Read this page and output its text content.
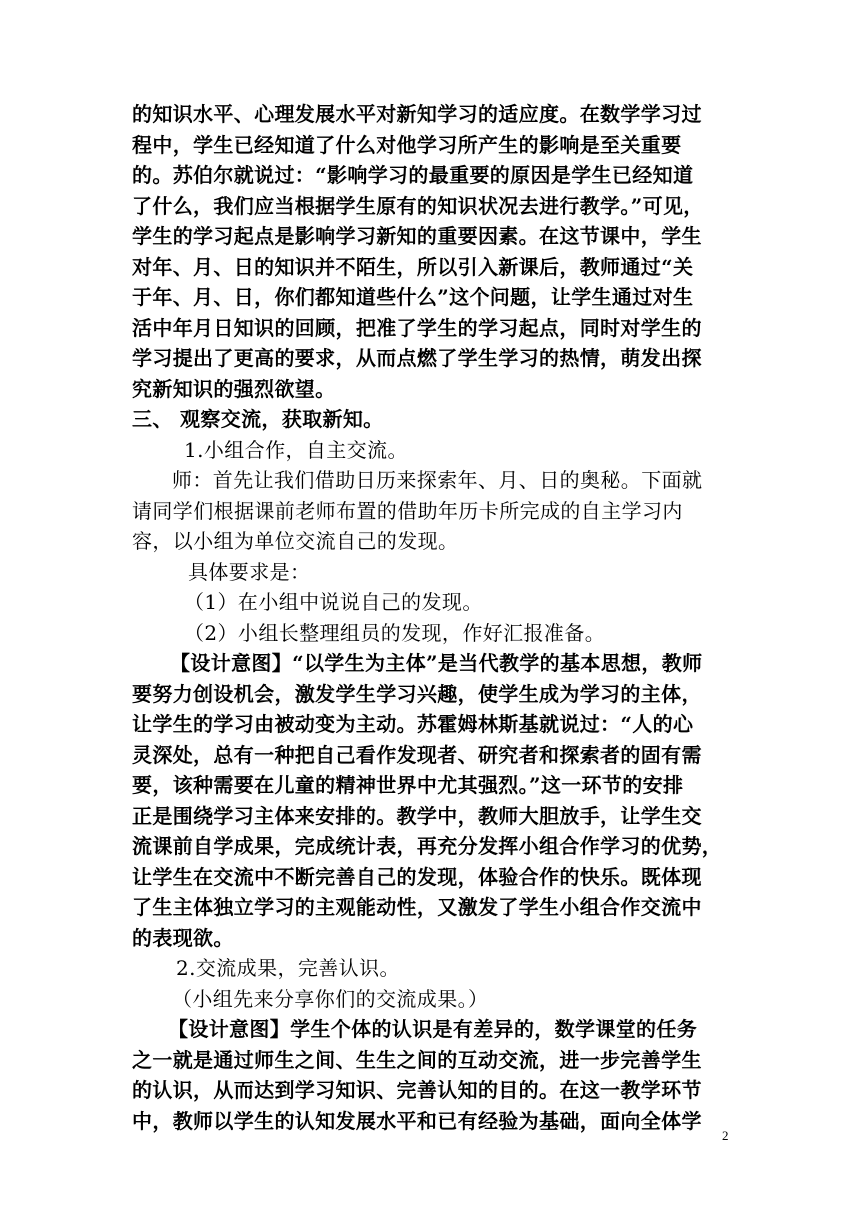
的知识水平、心理发展水平对新知学习的适应度。在数学学习过
程中，学生已经知道了什么对他学习所产生的影响是至关重要
的。苏伯尔就说过：“影响学习的最重要的原因是学生已经知道
了什么，我们应当根据学生原有的知识状况去进行教学。”可见，
学生的学习起点是影响学习新知的重要因素。在这节课中，学生
对年、月、日的知识并不陌生，所以引入新课后，教师通过“关
于年、月、日，你们都知道些什么”这个问题，让学生通过对生
活中年月日知识的回顾，把准了学生的学习起点，同时对学生的
学习提出了更高的要求，从而点燃了学生学习的热情，萌发出探
究新知识的强烈欲望。
三、 观察交流，获取新知。
1.小组合作，自主交流。
师：首先让我们借助日历来探索年、月、日的奥秘。下面就
请同学们根据课前老师布置的借助年历卡所完成的自主学习内
容，以小组为单位交流自己的发现。
具体要求是：
（1）在小组中说说自己的发现。
（2）小组长整理组员的发现，作好汇报准备。
【设计意图】“以学生为主体”是当代教学的基本思想，教师
要努力创设机会，激发学生学习兴趣，使学生成为学习的主体，
让学生的学习由被动变为主动。苏霍姆林斯基就说过：“人的心
灵深处，总有一种把自己看作发现者、研究者和探索者的固有需
要，该种需要在儿童的精神世界中尤其强烈。”这一环节的安排
正是围绕学习主体来安排的。教学中，教师大胆放手，让学生交
流课前自学成果，完成统计表，再充分发挥小组合作学习的优势，
让学生在交流中不断完善自己的发现，体验合作的快乐。既体现
了生主体独立学习的主观能动性，又激发了学生小组合作交流中
的表现欲。
2.交流成果，完善认识。
（小组先来分享你们的交流成果。）
【设计意图】学生个体的认识是有差异的，数学课堂的任务
之一就是通过师生之间、生生之间的互动交流，进一步完善学生
的认识，从而达到学习知识、完善认知的目的。在这一教学环节
中，教师以学生的认知发展水平和已有经验为基础，面向全体学
2
